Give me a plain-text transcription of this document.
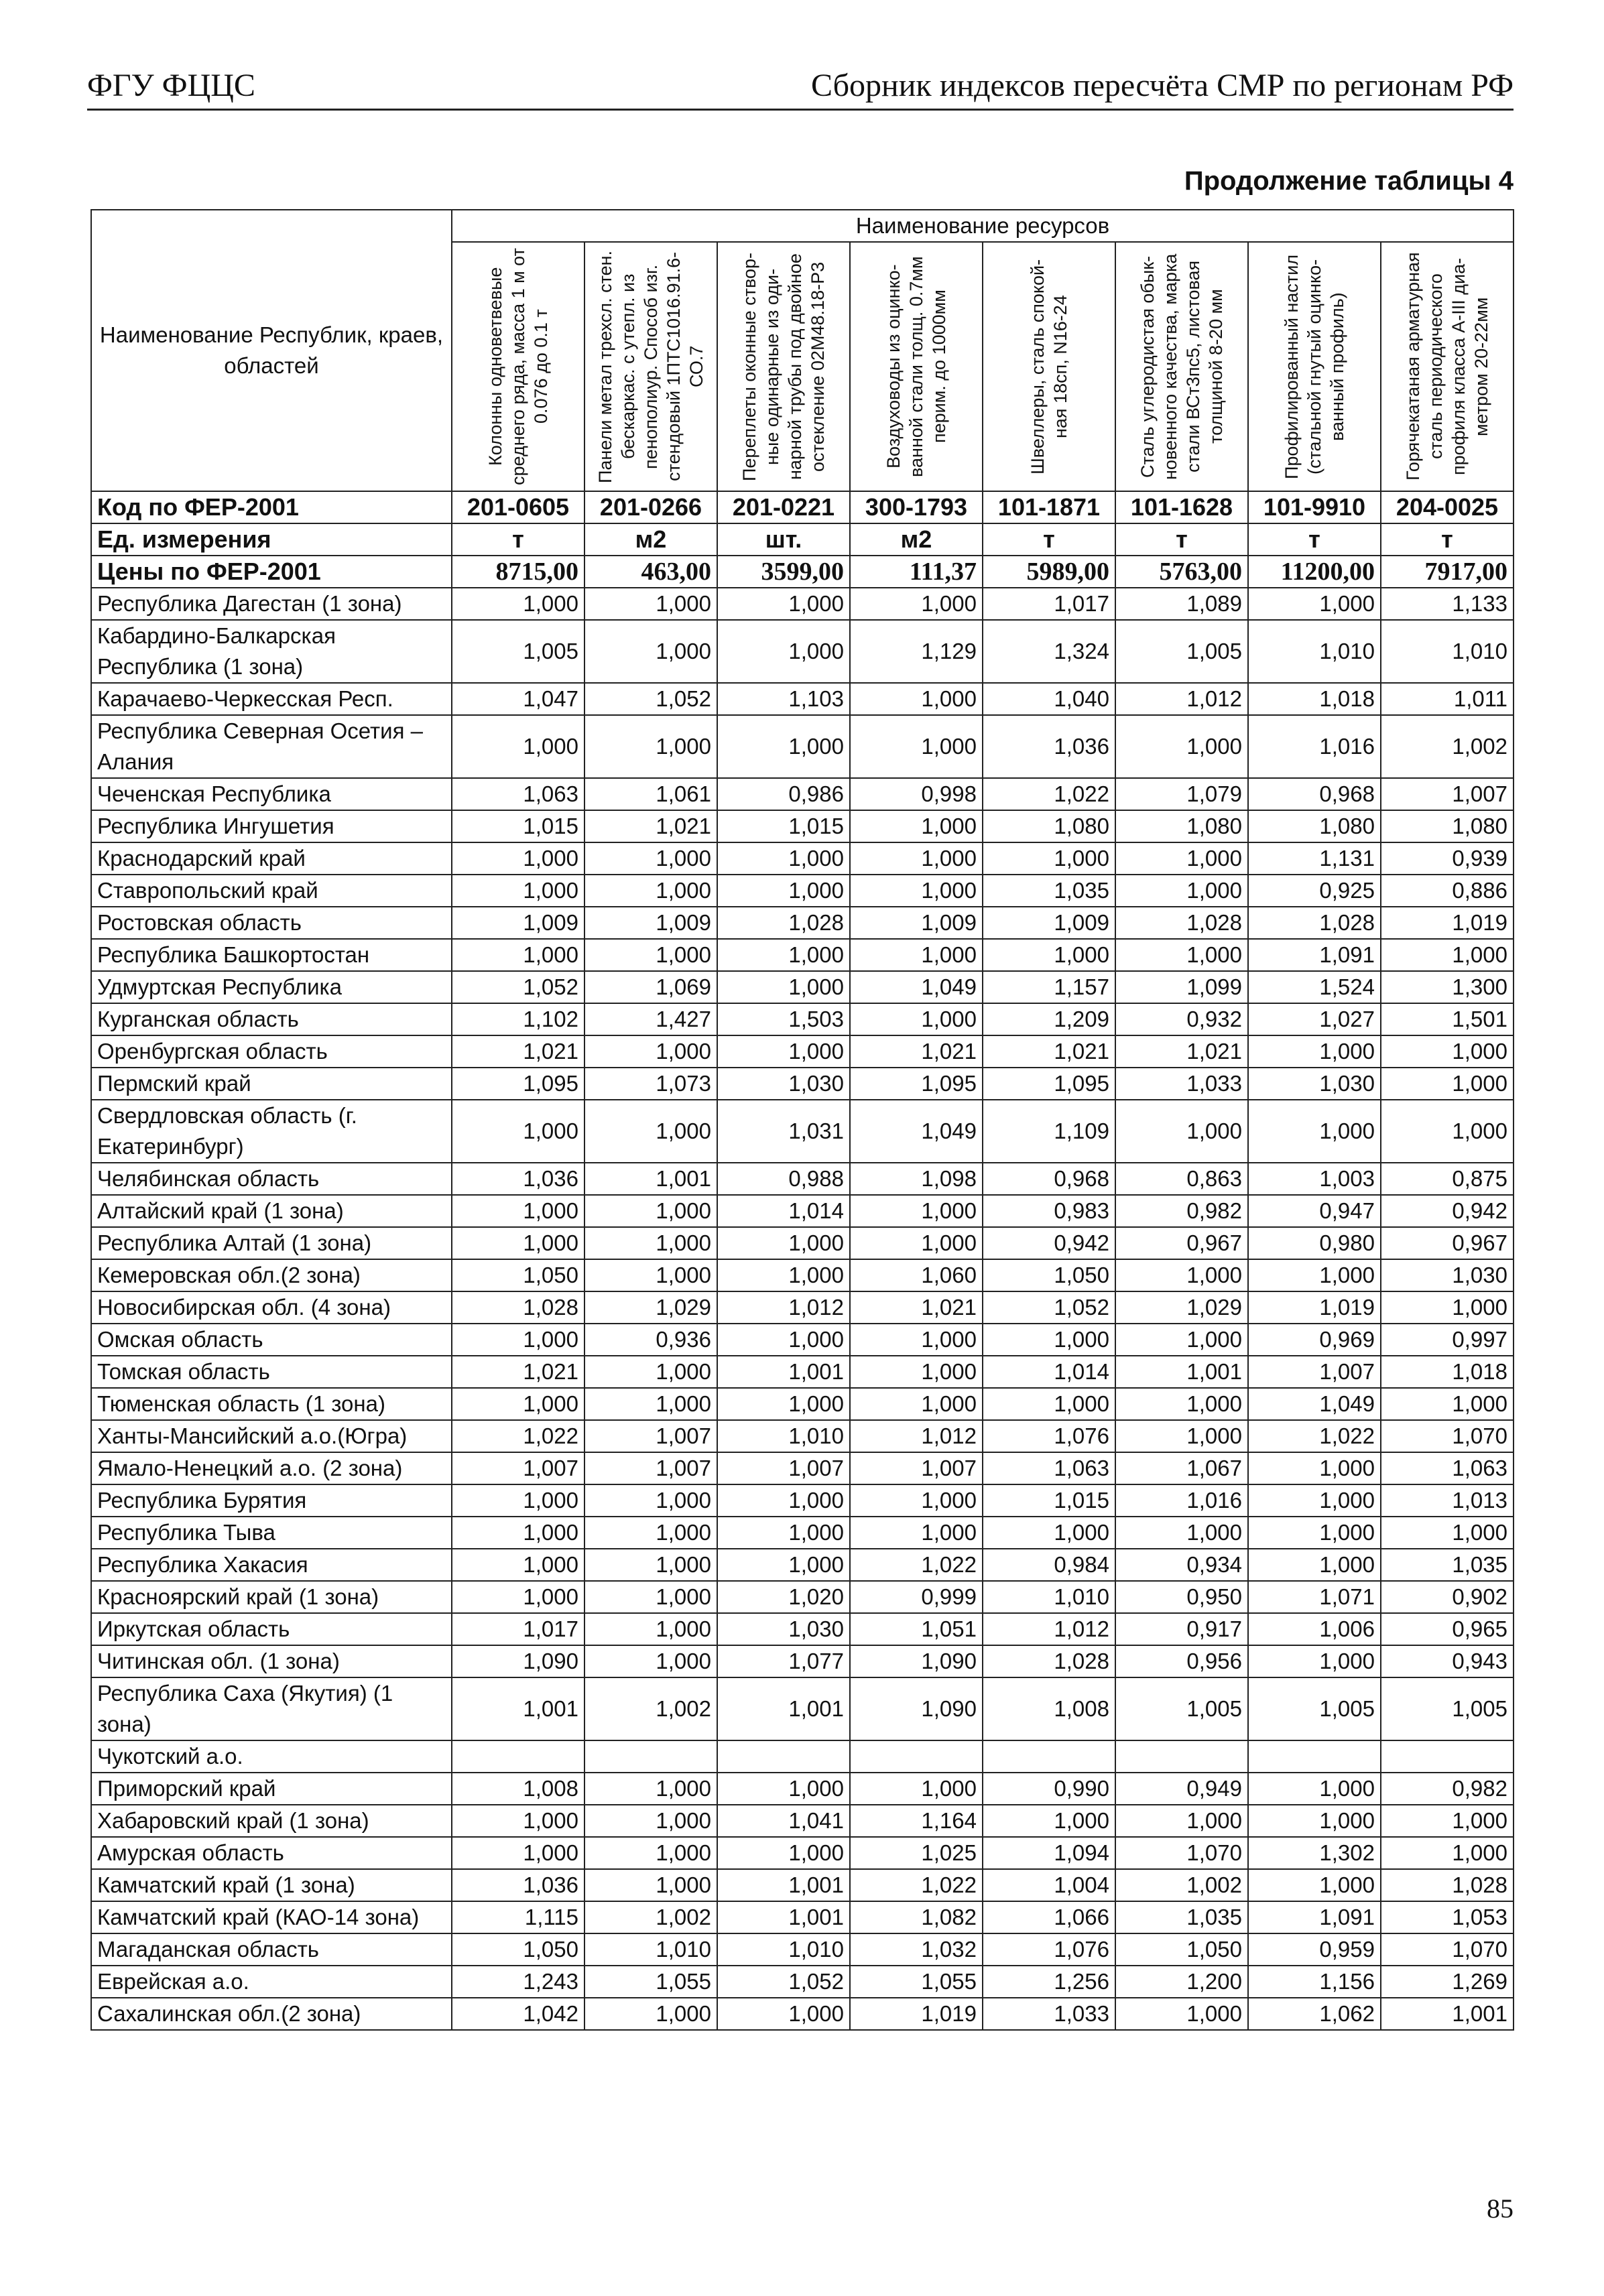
ФГУ ФЦЦС	Сборник индексов пересчёта СМР по регионам РФ
Продолжение таблицы 4
Наименование Республик, краев, областей	Наименование ресурсов							

	Колонны одноветвевые среднего ряда, масса 1 м от 0.076 до 0.1 т	Панели метал трехсл. стен. бескаркас. с утепл. из пенополиур. Способ изг. стендовый 1ПТС1016.91.6-СО.7	Переплеты оконные створ-ные одинарные из оди-нарной трубы под двойное остекление 02М48.18-Р3	Воздуховоды из оцинко-ванной стали толщ. 0.7мм перим. до 1000мм	Швеллеры, сталь спокой-ная 18сп, N16-24	Сталь углеродистая обык-новенного качества, марка стали ВСт3пс5, листовая толщиной 8-20 мм	Профилированный настил (стальной гнутый оцинко-ванный профиль)	Горячекатаная арматурная сталь периодического профиля класса А-III диа-метром 20-22мм

Код по ФЕР-2001	201-0605	201-0266	201-0221	300-1793	101-1871	101-1628	101-9910	204-0025
Ед. измерения	т	м2	шт.	м2	т	т	т	т
Цены по ФЕР-2001	8715,00	463,00	3599,00	111,37	5989,00	5763,00	11200,00	7917,00
Республика Дагестан (1 зона)	1,000	1,000	1,000	1,000	1,017	1,089	1,000	1,133
Кабардино-Балкарская Республика (1 зона)	1,005	1,000	1,000	1,129	1,324	1,005	1,010	1,010
Карачаево-Черкесская Респ.	1,047	1,052	1,103	1,000	1,040	1,012	1,018	1,011
Республика Северная Осетия – Алания	1,000	1,000	1,000	1,000	1,036	1,000	1,016	1,002
Чеченская Республика	1,063	1,061	0,986	0,998	1,022	1,079	0,968	1,007
Республика Ингушетия	1,015	1,021	1,015	1,000	1,080	1,080	1,080	1,080
Краснодарский край	1,000	1,000	1,000	1,000	1,000	1,000	1,131	0,939
Ставропольский край	1,000	1,000	1,000	1,000	1,035	1,000	0,925	0,886
Ростовская область	1,009	1,009	1,028	1,009	1,009	1,028	1,028	1,019
Республика Башкортостан	1,000	1,000	1,000	1,000	1,000	1,000	1,091	1,000
Удмуртская Республика	1,052	1,069	1,000	1,049	1,157	1,099	1,524	1,300
Курганская область	1,102	1,427	1,503	1,000	1,209	0,932	1,027	1,501
Оренбургская область	1,021	1,000	1,000	1,021	1,021	1,021	1,000	1,000
Пермский край	1,095	1,073	1,030	1,095	1,095	1,033	1,030	1,000
Свердловская область (г. Екатеринбург)	1,000	1,000	1,031	1,049	1,109	1,000	1,000	1,000
Челябинская область	1,036	1,001	0,988	1,098	0,968	0,863	1,003	0,875
Алтайский край (1 зона)	1,000	1,000	1,014	1,000	0,983	0,982	0,947	0,942
Республика Алтай (1 зона)	1,000	1,000	1,000	1,000	0,942	0,967	0,980	0,967
Кемеровская обл.(2 зона)	1,050	1,000	1,000	1,060	1,050	1,000	1,000	1,030
Новосибирская обл. (4 зона)	1,028	1,029	1,012	1,021	1,052	1,029	1,019	1,000
Омская область	1,000	0,936	1,000	1,000	1,000	1,000	0,969	0,997
Томская область	1,021	1,000	1,001	1,000	1,014	1,001	1,007	1,018
Тюменская область (1 зона)	1,000	1,000	1,000	1,000	1,000	1,000	1,049	1,000
Ханты-Мансийский а.о.(Югра)	1,022	1,007	1,010	1,012	1,076	1,000	1,022	1,070
Ямало-Ненецкий а.о. (2 зона)	1,007	1,007	1,007	1,007	1,063	1,067	1,000	1,063
Республика Бурятия	1,000	1,000	1,000	1,000	1,015	1,016	1,000	1,013
Республика Тыва	1,000	1,000	1,000	1,000	1,000	1,000	1,000	1,000
Республика Хакасия	1,000	1,000	1,000	1,022	0,984	0,934	1,000	1,035
Красноярский край (1 зона)	1,000	1,000	1,020	0,999	1,010	0,950	1,071	0,902
Иркутская область	1,017	1,000	1,030	1,051	1,012	0,917	1,006	0,965
Читинская обл. (1 зона)	1,090	1,000	1,077	1,090	1,028	0,956	1,000	0,943
Республика Саха (Якутия) (1 зона)	1,001	1,002	1,001	1,090	1,008	1,005	1,005	1,005
Чукотский а.о.								
Приморский край	1,008	1,000	1,000	1,000	0,990	0,949	1,000	0,982
Хабаровский край (1 зона)	1,000	1,000	1,041	1,164	1,000	1,000	1,000	1,000
Амурская область	1,000	1,000	1,000	1,025	1,094	1,070	1,302	1,000
Камчатский край (1 зона)	1,036	1,000	1,001	1,022	1,004	1,002	1,000	1,028
Камчатский край (КАО-14 зона)	1,115	1,002	1,001	1,082	1,066	1,035	1,091	1,053
Магаданская область	1,050	1,010	1,010	1,032	1,076	1,050	0,959	1,070
Еврейская а.о.	1,243	1,055	1,052	1,055	1,256	1,200	1,156	1,269
Сахалинская обл.(2 зона)	1,042	1,000	1,000	1,019	1,033	1,000	1,062	1,001
85
